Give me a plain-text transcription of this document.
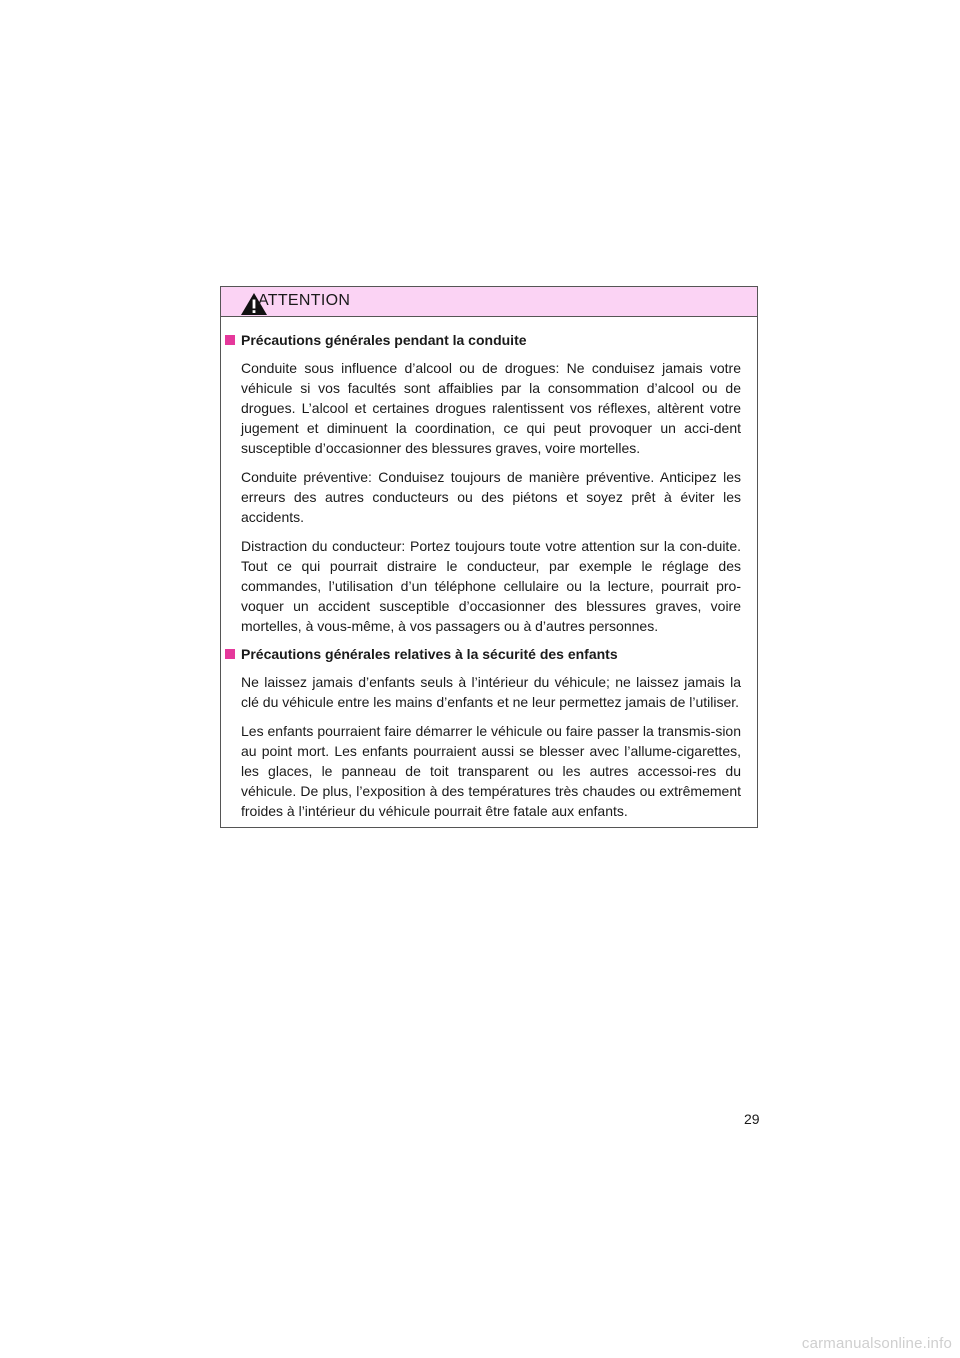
ATTENTION
Précautions générales pendant la conduite

Conduite sous influence d’alcool ou de drogues: Ne conduisez jamais votre véhicule si vos facultés sont affaiblies par la consommation d’alcool ou de drogues. L’alcool et certaines drogues ralentissent vos réflexes, altèrent votre jugement et diminuent la coordination, ce qui peut provoquer un acci-dent susceptible d’occasionner des blessures graves, voire mortelles.

Conduite préventive: Conduisez toujours de manière préventive. Anticipez les erreurs des autres conducteurs ou des piétons et soyez prêt à éviter les accidents.

Distraction du conducteur: Portez toujours toute votre attention sur la con-duite. Tout ce qui pourrait distraire le conducteur, par exemple le réglage des commandes, l’utilisation d’un téléphone cellulaire ou la lecture, pourrait pro-voquer un accident susceptible d’occasionner des blessures graves, voire mortelles, à vous-même, à vos passagers ou à d’autres personnes.

Précautions générales relatives à la sécurité des enfants

Ne laissez jamais d’enfants seuls à l’intérieur du véhicule; ne laissez jamais la clé du véhicule entre les mains d’enfants et ne leur permettez jamais de l’utiliser.

Les enfants pourraient faire démarrer le véhicule ou faire passer la transmis-sion au point mort. Les enfants pourraient aussi se blesser avec l’allume-cigarettes, les glaces, le panneau de toit transparent ou les autres accessoi-res du véhicule. De plus, l’exposition à des températures très chaudes ou extrêmement froides à l’intérieur du véhicule pourrait être fatale aux enfants.

29
carmanualsonline.info
